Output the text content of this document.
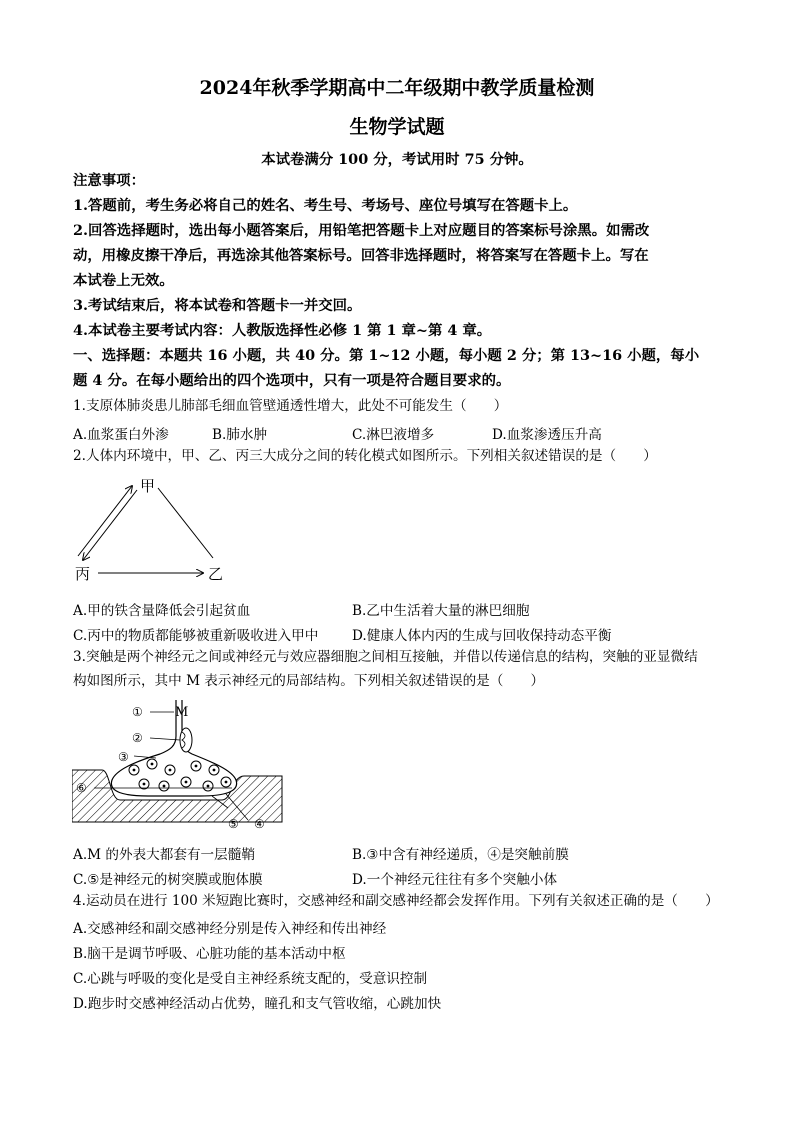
2024年秋季学期高中二年级期中教学质量检测
生物学试题
本试卷满分 100 分，考试用时 75 分钟。
注意事项：
1.答题前，考生务必将自己的姓名、考生号、考场号、座位号填写在答题卡上。
2.回答选择题时，选出每小题答案后，用铅笔把答题卡上对应题目的答案标号涂黑。如需改
动，用橡皮擦干净后，再选涂其他答案标号。回答非选择题时，将答案写在答题卡上。写在
本试卷上无效。
3.考试结束后，将本试卷和答题卡一并交回。
4.本试卷主要考试内容：人教版选择性必修 1 第 1 章~第 4 章。
一、选择题：本题共 16 小题，共 40 分。第 1~12 小题，每小题 2 分；第 13~16 小题，每小
题 4 分。在每小题给出的四个选项中，只有一项是符合题目要求的。
1.支原体肺炎患儿肺部毛细血管壁通透性增大，此处不可能发生（　　）
A.血浆蛋白外渗	B.肺水肿	C.淋巴液增多	D.血浆渗透压升高
2.人体内环境中，甲、乙、丙三大成分之间的转化模式如图所示。下列相关叙述错误的是（　　）
甲
丙	乙
A.甲的铁含量降低会引起贫血	B.乙中生活着大量的淋巴细胞
C.丙中的物质都能够被重新吸收进入甲中 D.健康人体内丙的生成与回收保持动态平衡
3.突触是两个神经元之间或神经元与效应器细胞之间相互接触，并借以传递信息的结构，突触的亚显微结
构如图所示，其中 M 表示神经元的局部结构。下列相关叙述错误的是（　　）
① M
②
③
④
⑤
⑥
A.M 的外表大都套有一层髓鞘	B.③中含有神经递质，④是突触前膜
C.⑤是神经元的树突膜或胞体膜	D.一个神经元往往有多个突触小体
4.运动员在进行 100 米短跑比赛时，交感神经和副交感神经都会发挥作用。下列有关叙述正确的是（　　）
A.交感神经和副交感神经分别是传入神经和传出神经
B.脑干是调节呼吸、心脏功能的基本活动中枢
C.心跳与呼吸的变化是受自主神经系统支配的，受意识控制
D.跑步时交感神经活动占优势，瞳孔和支气管收缩，心跳加快
